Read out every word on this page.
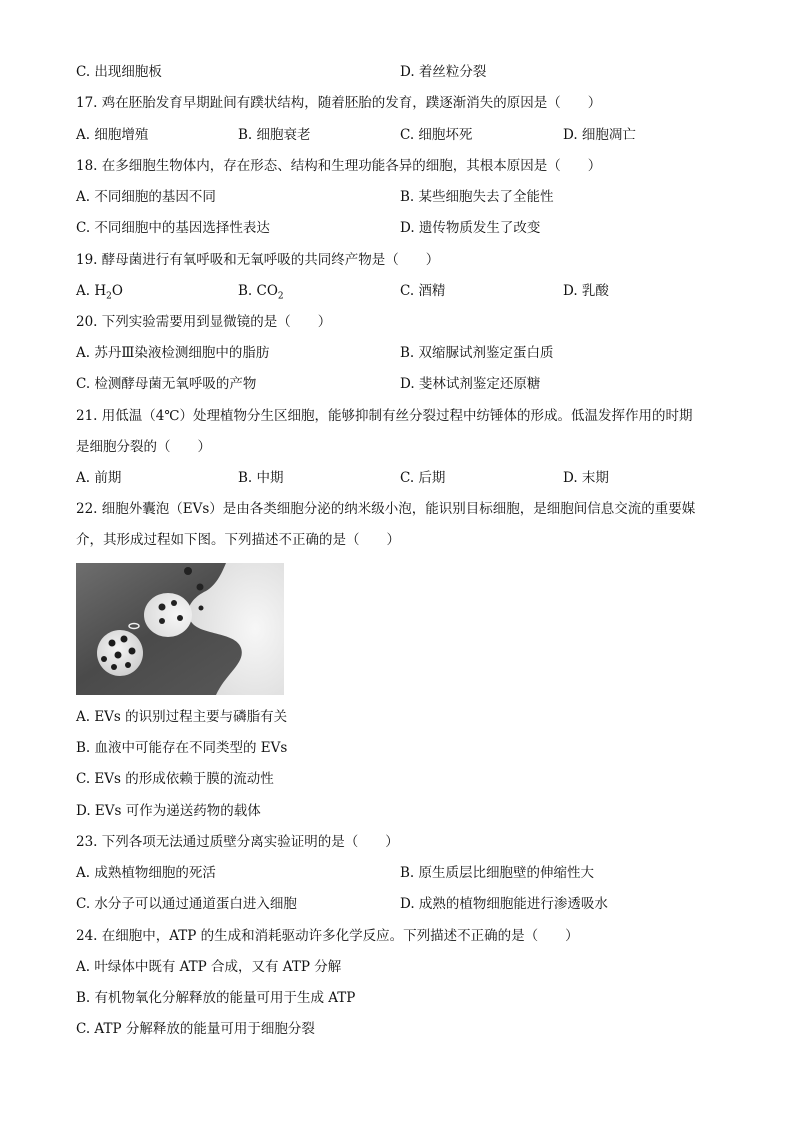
C. 出现细胞板	D. 着丝粒分裂
17. 鸡在胚胎发育早期趾间有蹼状结构，随着胚胎的发育，蹼逐渐消失的原因是（　　）
A. 细胞增殖	B. 细胞衰老	C. 细胞坏死	D. 细胞凋亡
18. 在多细胞生物体内，存在形态、结构和生理功能各异的细胞，其根本原因是（　　）
A. 不同细胞的基因不同	B. 某些细胞失去了全能性
C. 不同细胞中的基因选择性表达	D. 遗传物质发生了改变
19. 酵母菌进行有氧呼吸和无氧呼吸的共同终产物是（　　）
A. $H_2O$	B. $CO_2$	C. 酒精	D. 乳酸
20. 下列实验需要用到显微镜的是（　　）
A. 苏丹Ⅲ染液检测细胞中的脂肪	B. 双缩脲试剂鉴定蛋白质
C. 检测酵母菌无氧呼吸的产物	D. 斐林试剂鉴定还原糖
21. 用低温（4℃）处理植物分生区细胞，能够抑制有丝分裂过程中纺锤体的形成。低温发挥作用的时期
是细胞分裂的（　　）
A. 前期	B. 中期	C. 后期	D. 末期
22. 细胞外囊泡（EVs）是由各类细胞分泌的纳米级小泡，能识别目标细胞，是细胞间信息交流的重要媒
介，其形成过程如下图。下列描述不正确的是（　　）
A. EVs 的识别过程主要与磷脂有关
B. 血液中可能存在不同类型的 EVs
C. EVs 的形成依赖于膜的流动性
D. EVs 可作为递送药物的载体
23. 下列各项无法通过质壁分离实验证明的是（　　）
A. 成熟植物细胞的死活	B. 原生质层比细胞壁的伸缩性大
C. 水分子可以通过通道蛋白进入细胞	D. 成熟的植物细胞能进行渗透吸水
24. 在细胞中，ATP 的生成和消耗驱动许多化学反应。下列描述不正确的是（　　）
A. 叶绿体中既有 ATP 合成，又有 ATP 分解
B. 有机物氧化分解释放的能量可用于生成 ATP
C. ATP 分解释放的能量可用于细胞分裂
